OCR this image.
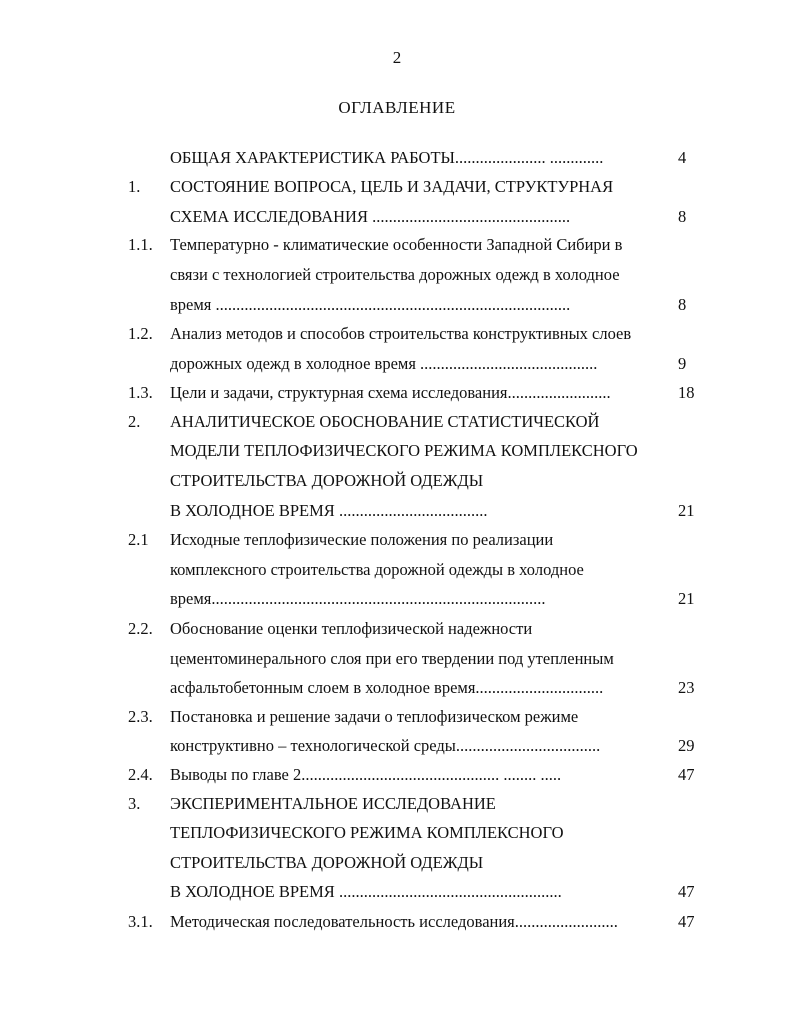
2
ОГЛАВЛЕНИЕ
ОБЩАЯ ХАРАКТЕРИСТИКА РАБОТЫ...................... .............	4
1. СОСТОЯНИЕ ВОПРОСА, ЦЕЛЬ И ЗАДАЧИ, СТРУКТУРНАЯ
СХЕМА ИССЛЕДОВАНИЯ ................................................	8
1.1. Температурно - климатические особенности Западной Сибири в
связи с технологией строительства дорожных одежд в холодное
время ......................................................................................	8
1.2. Анализ методов и способов строительства конструктивных слоев
дорожных одежд в холодное время ...........................................	9
1.3. Цели и задачи, структурная схема исследования.........................	18
2. АНАЛИТИЧЕСКОЕ ОБОСНОВАНИЕ СТАТИСТИЧЕСКОЙ
МОДЕЛИ ТЕПЛОФИЗИЧЕСКОГО РЕЖИМА КОМПЛЕКСНОГО
СТРОИТЕЛЬСТВА ДОРОЖНОЙ ОДЕЖДЫ
В ХОЛОДНОЕ ВРЕМЯ ....................................	21
2.1 Исходные теплофизические положения по реализации
комплексного строительства дорожной одежды в холодное
время.................................................................................	21
2.2. Обоснование оценки теплофизической надежности
цементоминерального слоя при его твердении под утепленным
асфальтобетонным слоем в холодное время...............................	23
2.3. Постановка и решение задачи о теплофизическом режиме
конструктивно – технологической среды...................................	29
2.4. Выводы по главе 2................................................ ........ .....	47
3. ЭКСПЕРИМЕНТАЛЬНОЕ ИССЛЕДОВАНИЕ
ТЕПЛОФИЗИЧЕСКОГО РЕЖИМА КОМПЛЕКСНОГО
СТРОИТЕЛЬСТВА ДОРОЖНОЙ ОДЕЖДЫ
В ХОЛОДНОЕ ВРЕМЯ ......................................................	47
3.1. Методическая последовательность исследования.........................	47
